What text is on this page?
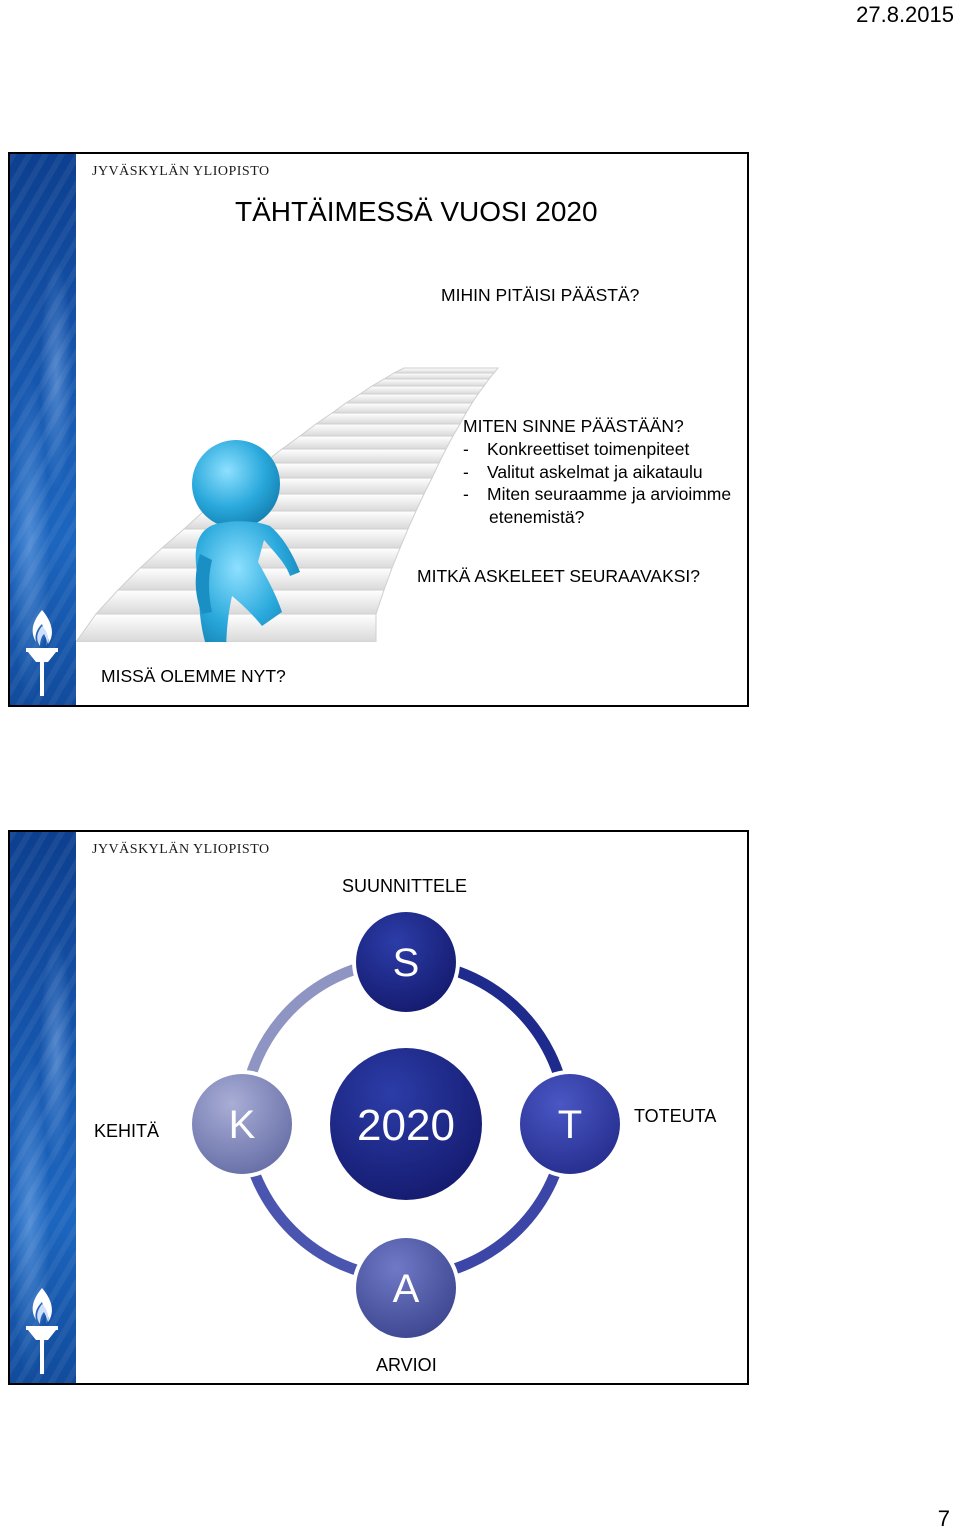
27.8.2015
JYVÄSKYLÄN YLIOPISTO
TÄHTÄIMESSÄ VUOSI 2020
MIHIN PITÄISI PÄÄSTÄ?
MITEN SINNE PÄÄSTÄÄN?
- Konkreettiset toimenpiteet
- Valitut askelmat ja aikataulu
- Miten seuraamme ja arvioimme
etenemistä?
MITKÄ ASKELEET SEURAAVAKSI?
MISSÄ OLEMME NYT?
JYVÄSKYLÄN YLIOPISTO
S
K	T
A
2020
SUUNNITTELE
KEHITÄ
TOTEUTA
ARVIOI
7
